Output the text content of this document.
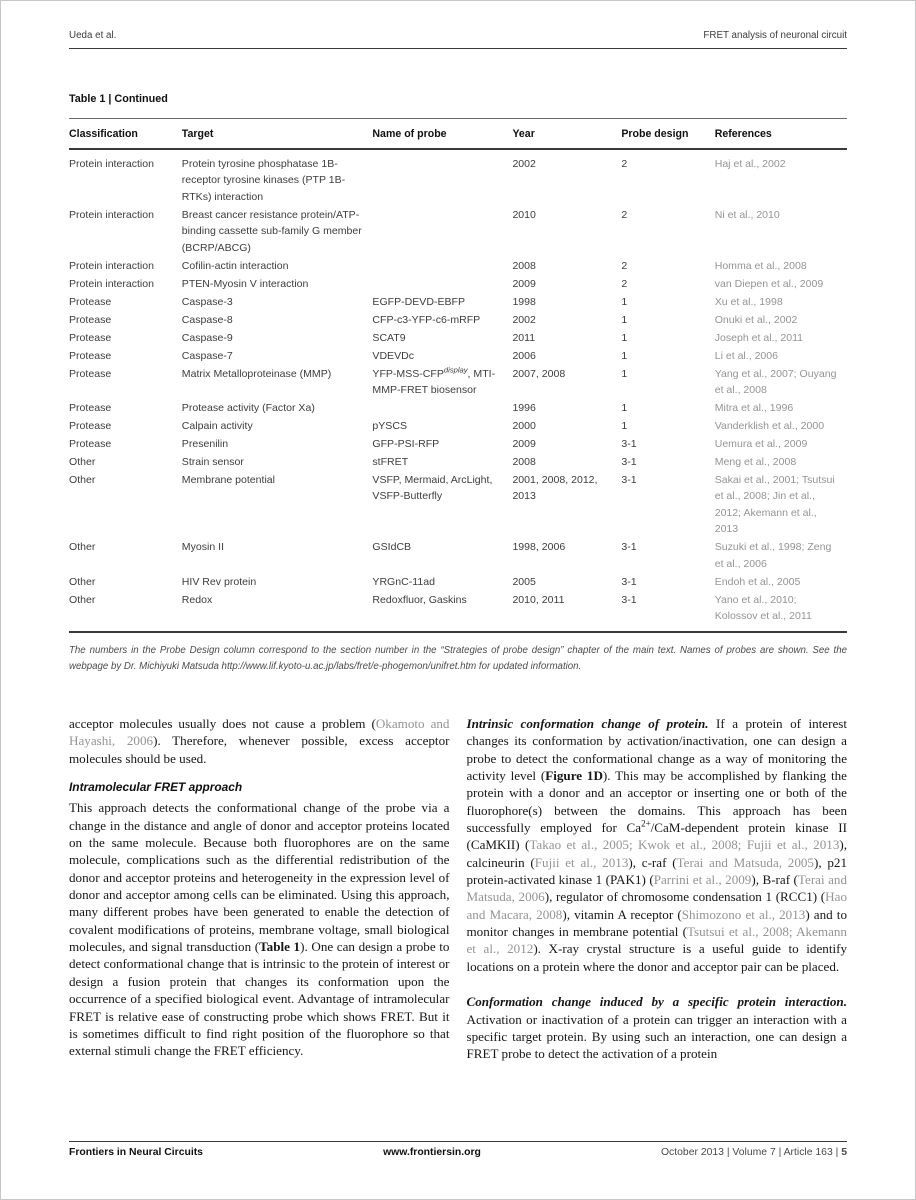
Ueda et al.	FRET analysis of neuronal circuit

Table 1 | Continued

Classification	Target	Name of probe	Year	Probe design	References
Protein interaction	Protein tyrosine phosphatase 1B-receptor tyrosine kinases (PTP 1B-RTKs) interaction		2002	2	Haj et al., 2002
Protein interaction	Breast cancer resistance protein/ATP-binding cassette sub-family G member (BCRP/ABCG)		2010	2	Ni et al., 2010
Protein interaction	Cofilin-actin interaction		2008	2	Homma et al., 2008
Protein interaction	PTEN-Myosin V interaction		2009	2	van Diepen et al., 2009
Protease	Caspase-3	EGFP-DEVD-EBFP	1998	1	Xu et al., 1998
Protease	Caspase-8	CFP-c3-YFP-c6-mRFP	2002	1	Onuki et al., 2002
Protease	Caspase-9	SCAT9	2011	1	Joseph et al., 2011
Protease	Caspase-7	VDEVDc	2006	1	Li et al., 2006
Protease	Matrix Metalloproteinase (MMP)	YFP-$MSS-CFP^{display}$, MTI-MMP-FRET biosensor	2007, 2008	1	Yang et al., 2007; Ouyang et al., 2008
Protease	Protease activity (Factor Xa)		1996	1	Mitra et al., 1996
Protease	Calpain activity	pYSCS	2000	1	Vanderklish et al., 2000
Protease	Presenilin	GFP-PSI-RFP	2009	3-1	Uemura et al., 2009
Other	Strain sensor	stFRET	2008	3-1	Meng et al., 2008
Other	Membrane potential	VSFP, Mermaid, ArcLight, VSFP-Butterfly	2001, 2008, 2012, 2013	3-1	Sakai et al., 2001; Tsutsui et al., 2008; Jin et al., 2012; Akemann et al., 2013
Other	Myosin II	GSIdCB	1998, 2006	3-1	Suzuki et al., 1998; Zeng et al., 2006
Other	HIV Rev protein	YRGnC-11ad	2005	3-1	Endoh et al., 2005
Other	Redox	Redoxfluor, Gaskins	2010, 2011	3-1	Yano et al., 2010; Kolossov et al., 2011

The numbers in the Probe Design column correspond to the section number in the “Strategies of probe design” chapter of the main text. Names of probes are shown. See the webpage by Dr. Michiyuki Matsuda http://www.lif.kyoto-u.ac.jp/labs/fret/e-phogemon/unifret.htm for updated information.

acceptor molecules usually does not cause a problem (Okamoto and Hayashi, 2006). Therefore, whenever possible, excess acceptor molecules should be used.

Intramolecular FRET approach

This approach detects the conformational change of the probe via a change in the distance and angle of donor and acceptor proteins located on the same molecule. Because both fluorophores are on the same molecule, complications such as the differential redistribution of the donor and acceptor proteins and heterogeneity in the expression level of donor and acceptor among cells can be eliminated. Using this approach, many different probes have been generated to enable the detection of covalent modifications of proteins, membrane voltage, small biological molecules, and signal transduction (Table 1). One can design a probe to detect conformational change that is intrinsic to the protein of interest or design a fusion protein that changes its conformation upon the occurrence of a specified biological event. Advantage of intramolecular FRET is relative ease of constructing probe which shows FRET. But it is sometimes difficult to find right position of the fluorophore so that external stimuli change the FRET efficiency.

Intrinsic conformation change of protein. If a protein of interest changes its conformation by activation/inactivation, one can design a probe to detect the conformational change as a way of monitoring the activity level (Figure 1D). This may be accomplished by flanking the protein with a donor and an acceptor or inserting one or both of the fluorophore(s) between the domains. This approach has been successfully employed for $Ca^{2+}/CaM$-dependent protein kinase II (CaMKII) (Takao et al., 2005; Kwok et al., 2008; Fujii et al., 2013), calcineurin (Fujii et al., 2013), c-raf (Terai and Matsuda, 2005), p21 protein-activated kinase 1 (PAK1) (Parrini et al., 2009), B-raf (Terai and Matsuda, 2006), regulator of chromosome condensation 1 (RCC1) (Hao and Macara, 2008), vitamin A receptor (Shimozono et al., 2013) and to monitor changes in membrane potential (Tsutsui et al., 2008; Akemann et al., 2012). X-ray crystal structure is a useful guide to identify locations on a protein where the donor and acceptor pair can be placed.

Conformation change induced by a specific protein interaction. Activation or inactivation of a protein can trigger an interaction with a specific target protein. By using such an interaction, one can design a FRET probe to detect the activation of a protein

Frontiers in Neural Circuits	www.frontiersin.org	October 2013 | Volume 7 | Article 163 | 5
